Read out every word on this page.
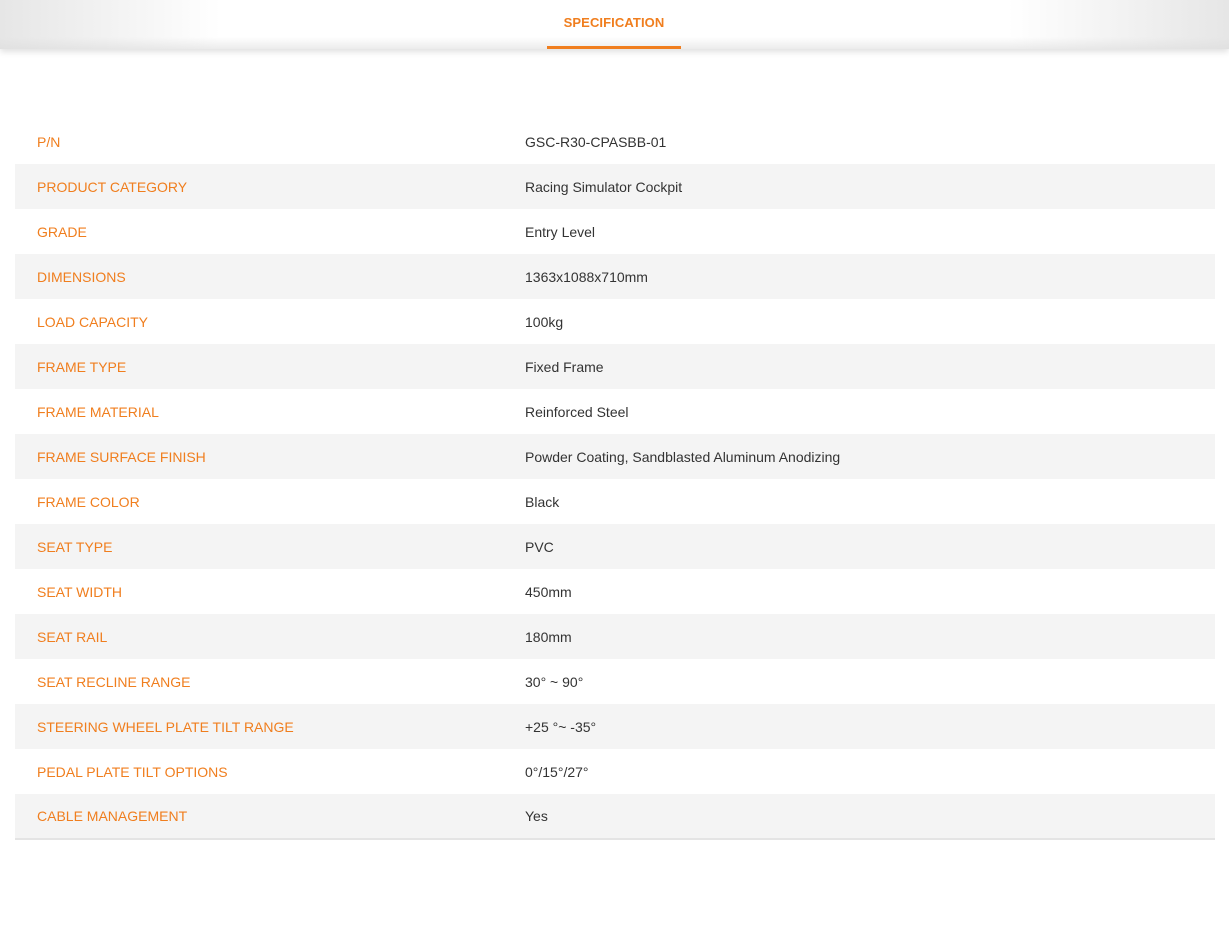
SPECIFICATION
P/N	GSC-R30-CPASBB-01
PRODUCT CATEGORY	Racing Simulator Cockpit
GRADE	Entry Level
DIMENSIONS	1363x1088x710mm
LOAD CAPACITY	100kg
FRAME TYPE	Fixed Frame
FRAME MATERIAL	Reinforced Steel
FRAME SURFACE FINISH	Powder Coating, Sandblasted Aluminum Anodizing
FRAME COLOR	Black
SEAT TYPE	PVC
SEAT WIDTH	450mm
SEAT RAIL	180mm
SEAT RECLINE RANGE	30° ~ 90°
STEERING WHEEL PLATE TILT RANGE	+25 °~ -35°
PEDAL PLATE TILT OPTIONS	0°/15°/27°
CABLE MANAGEMENT	Yes
